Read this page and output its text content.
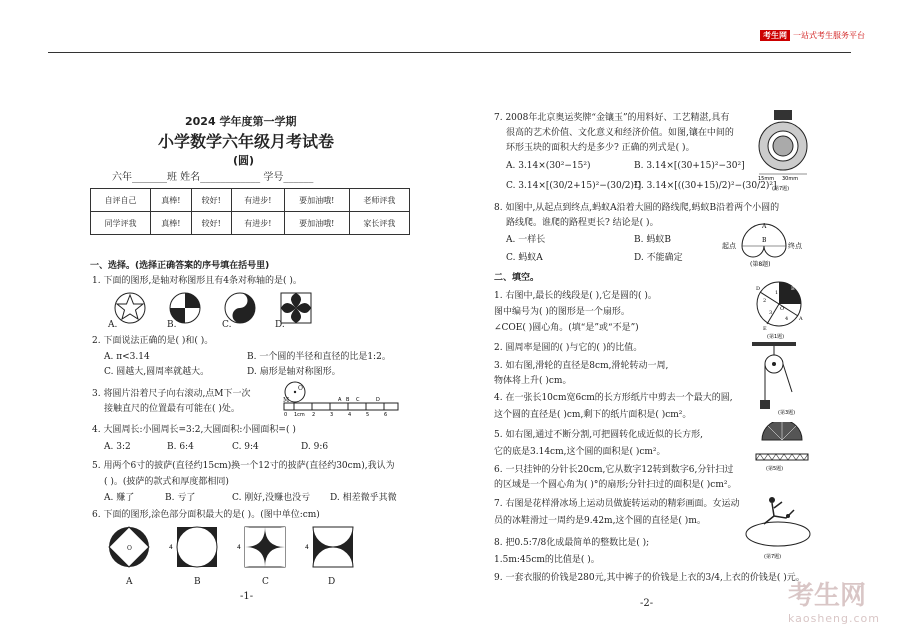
考生网 一站式考生服务平台
2024 学年度第一学期
小学数学六年级月考试卷
(圆)
六年_______班 姓名____________ 学号______
自评自己	真棒!	较好!	有进步!	要加油哦!	老师评我
同学评我	真棒!	较好!	有进步!	要加油哦!	家长评我
一、选择。(选择正确答案的序号填在括号里)
1. 下面的图形,是轴对称图形且有4条对称轴的是( )。
A.	B.	C.	D.
2. 下面说法正确的是( )和( )。
A. π<3.14	B. 一个圆的半径和直径的比是1:2。
C. 圆越大,圆周率就越大。	D. 扇形是轴对称图形。
3. 将圆片沿着尺子向右滚动,点M下一次
接触直尺的位置最有可能在( )处。
O
M
0 1cm 2	3
A B C
4	5
D
6
4. 大圆周长:小圆周长=3:2,大圆面积:小圆面积=( )
A. 3:2	B. 6:4	C. 9:4	D. 9:6
5. 用两个6寸的披萨(直径约15cm)换一个12寸的披萨(直径约30cm),我认为
( )。(披萨的款式和厚度都相同)
A. 赚了	B. 亏了	C. 刚好,没赚也没亏 D. 相差微乎其微
6. 下面的图形,涂色部分面积最大的是( )。(图中单位:cm)
O	4	4	4
A	B	C	D
-1-
7. 2008年北京奥运奖牌“金镶玉”的用料好、工艺精湛,具有
很高的艺术价值、文化意义和经济价值。如图,镶在中间的
环形玉块的面积大约是多少? 正确的列式是( )。
A. 3.14×(30²−15²)	B. 3.14×[(30+15)²−30²]
C. 3.14×[(30/2+15)²−(30/2)²]
D. 3.14×[((30+15)/2)²−(30/2)²]
15mm 30mm
(第7题)
8. 如图中,从起点到终点,蚂蚁A沿着大圆的路线爬,蚂蚁B沿着两个小圆的
路线爬。谁爬的路程更长? 结论是( )。
A. 一样长	B. 蚂蚁B
C. 蚂蚁A	D. 不能确定
起点	终点
A
B
(第8题)
二、填空。
1. 右图中,最长的线段是( ),它是圆的( )。
图中编号为( )的图形是一个扇形。
∠COE( )圆心角。(填“是”或“不是”)
2. 圆周率是圆的( )与它的( )的比值。
3. 如右图,滑轮的直径是8cm,滑轮转动一周,
物体将上升( )cm。
4. 在一张长10cm宽6cm的长方形纸片中剪去一个最大的圆,
这个圆的直径是( )cm,剩下的纸片面积是( )cm²。
5. 如右图,通过不断分割,可把圆转化成近似的长方形,
它的底是3.14cm,这个圆的面积是( )cm²。
6. 一只挂钟的分针长20cm,它从数字12转到数字6,分针扫过
的区域是一个圆心角为( )°的扇形;分针扫过的面积是( )cm²。
7. 右图是花样滑冰场上运动员做旋转运动的精彩画面。女运动
员的冰鞋滑过一周约是9.42m,这个圆的直径是( )m。
8. 把0.5:7/8化成最简单的整数比是( );
1.5m:45cm的比值是( )。
9. 一套衣服的价钱是280元,其中裤子的价钱是上衣的3/4,上衣的价钱是( )元。
C	B
D
A
O
E
1
2
3
4
(第1题)
(第3题)
(第5题)
(第7题)
-2-	考生网
kaosheng.com
